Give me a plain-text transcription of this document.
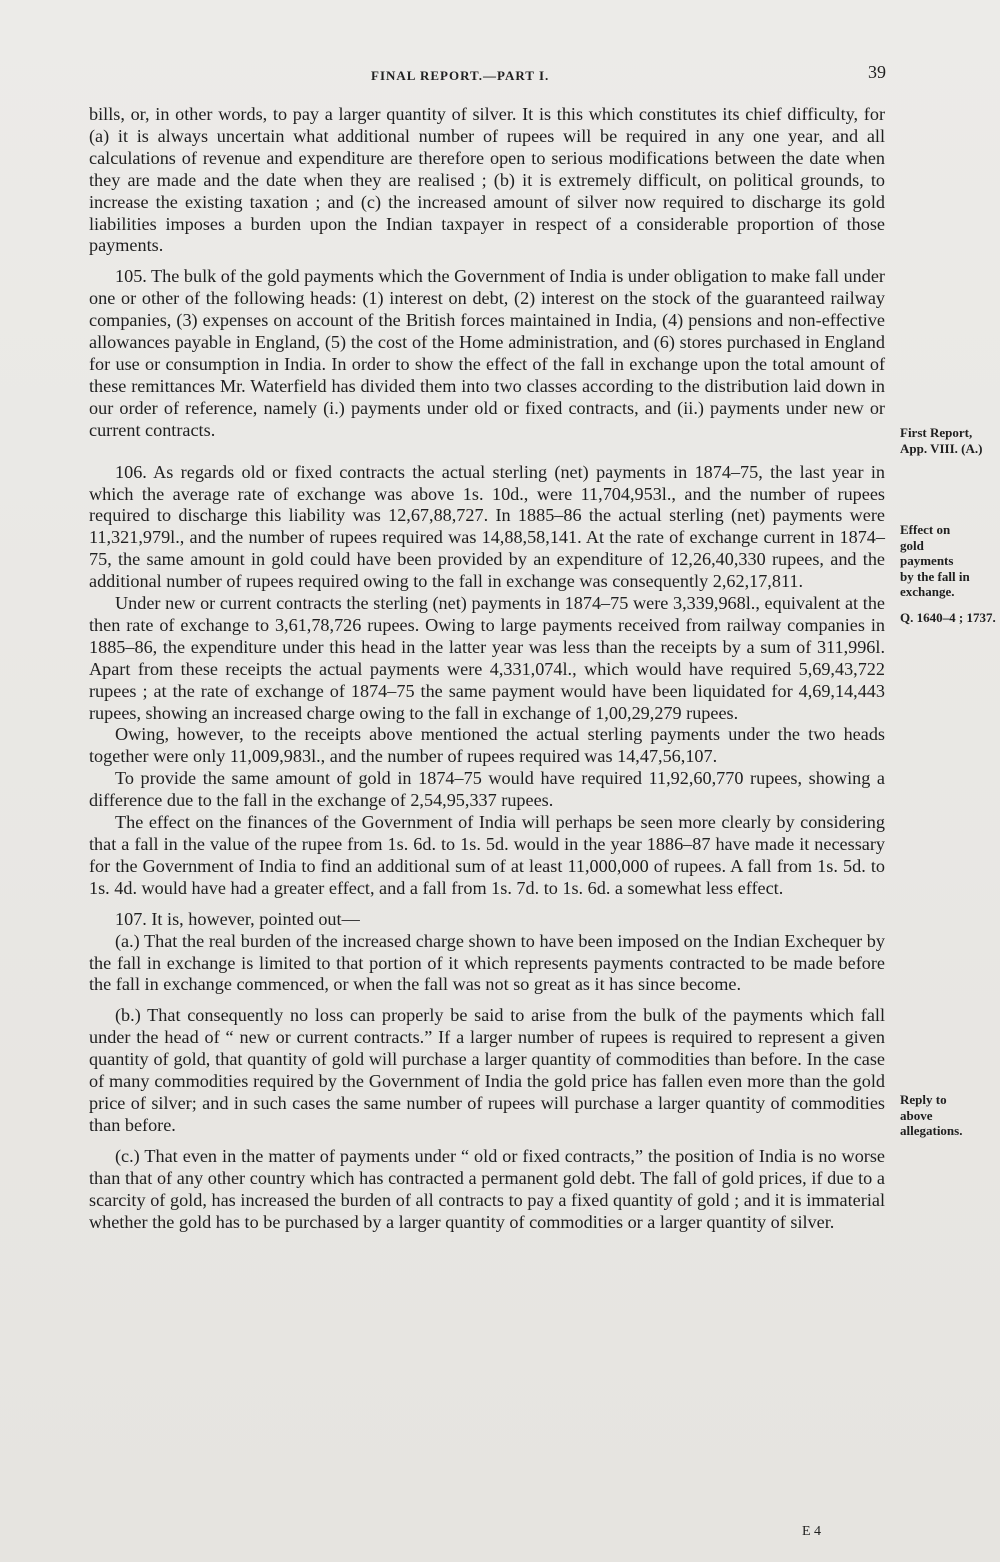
FINAL REPORT.—PART I.	39

bills, or, in other words, to pay a larger quantity of silver. It is this which constitutes its chief difficulty, for (a) it is always uncertain what additional number of rupees will be required in any one year, and all calculations of revenue and expenditure are therefore open to serious modifications between the date when they are made and the date when they are realised ; (b) it is extremely difficult, on political grounds, to increase the existing taxation ; and (c) the increased amount of silver now required to discharge its gold liabilities imposes a burden upon the Indian taxpayer in respect of a considerable proportion of those payments.

105. The bulk of the gold payments which the Government of India is under obligation to make fall under one or other of the following heads: (1) interest on debt, (2) interest on the stock of the guaranteed railway companies, (3) expenses on account of the British forces maintained in India, (4) pensions and non-effective allowances payable in England, (5) the cost of the Home administration, and (6) stores purchased in England for use or consumption in India. In order to show the effect of the fall in exchange upon the total amount of these remittances Mr. Waterfield has divided them into two classes according to the distribution laid down in our order of reference, namely (i.) payments under old or fixed contracts, and (ii.) payments under new or current contracts.

106. As regards old or fixed contracts the actual sterling (net) payments in 1874–75, the last year in which the average rate of exchange was above 1s. 10d., were 11,704,953l., and the number of rupees required to discharge this liability was 12,67,88,727. In 1885–86 the actual sterling (net) payments were 11,321,979l., and the number of rupees required was 14,88,58,141. At the rate of exchange current in 1874–75, the same amount in gold could have been provided by an expenditure of 12,26,40,330 rupees, and the additional number of rupees required owing to the fall in exchange was consequently 2,62,17,811.

Under new or current contracts the sterling (net) payments in 1874–75 were 3,339,968l., equivalent at the then rate of exchange to 3,61,78,726 rupees. Owing to large payments received from railway companies in 1885–86, the expenditure under this head in the latter year was less than the receipts by a sum of 311,996l. Apart from these receipts the actual payments were 4,331,074l., which would have required 5,69,43,722 rupees ; at the rate of exchange of 1874–75 the same payment would have been liquidated for 4,69,14,443 rupees, showing an increased charge owing to the fall in exchange of 1,00,29,279 rupees.

Owing, however, to the receipts above mentioned the actual sterling payments under the two heads together were only 11,009,983l., and the number of rupees required was 14,47,56,107.

To provide the same amount of gold in 1874–75 would have required 11,92,60,770 rupees, showing a difference due to the fall in the exchange of 2,54,95,337 rupees.

The effect on the finances of the Government of India will perhaps be seen more clearly by considering that a fall in the value of the rupee from 1s. 6d. to 1s. 5d. would in the year 1886–87 have made it necessary for the Government of India to find an additional sum of at least 11,000,000 of rupees. A fall from 1s. 5d. to 1s. 4d. would have had a greater effect, and a fall from 1s. 7d. to 1s. 6d. a somewhat less effect.

107. It is, however, pointed out—

(a.) That the real burden of the increased charge shown to have been imposed on the Indian Exchequer by the fall in exchange is limited to that portion of it which represents payments contracted to be made before the fall in exchange commenced, or when the fall was not so great as it has since become.

(b.) That consequently no loss can properly be said to arise from the bulk of the payments which fall under the head of “ new or current contracts.” If a larger number of rupees is required to represent a given quantity of gold, that quantity of gold will purchase a larger quantity of commodities than before. In the case of many commodities required by the Government of India the gold price has fallen even more than the gold price of silver; and in such cases the same number of rupees will purchase a larger quantity of commodities than before.

(c.) That even in the matter of payments under “ old or fixed contracts,” the position of India is no worse than that of any other country which has contracted a permanent gold debt. The fall of gold prices, if due to a scarcity of gold, has increased the burden of all contracts to pay a fixed quantity of gold ; and it is immaterial whether the gold has to be purchased by a larger quantity of commodities or a larger quantity of silver.

First Report, App. VIII. (A.)
Effect on gold payments by the fall in exchange.
Q. 1640–4 ; 1737.
Reply to above allegations.
E 4
